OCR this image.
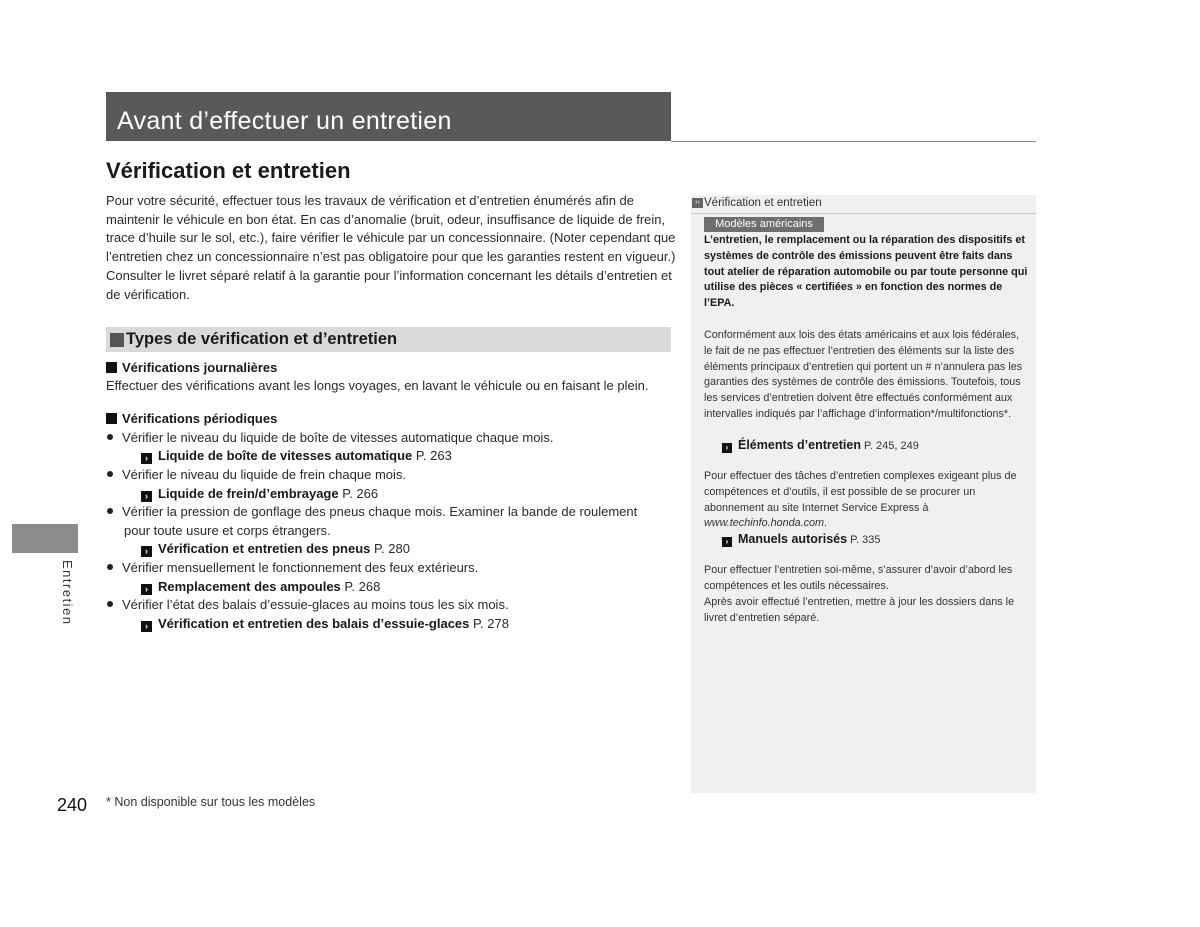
Avant d’effectuer un entretien
Vérification et entretien
Pour votre sécurité, effectuer tous les travaux de vérification et d’entretien énumérés afin de maintenir le véhicule en bon état. En cas d’anomalie (bruit, odeur, insuffisance de liquide de frein, trace d’huile sur le sol, etc.), faire vérifier le véhicule par un concessionnaire. (Noter cependant que l’entretien chez un concessionnaire n’est pas obligatoire pour que les garanties restent en vigueur.) Consulter le livret séparé relatif à la garantie pour l’information concernant les détails d’entretien et de vérification.
Types de vérification et d’entretien
Vérifications journalières
Effectuer des vérifications avant les longs voyages, en lavant le véhicule ou en faisant le plein.
Vérifications périodiques
Vérifier le niveau du liquide de boîte de vitesses automatique chaque mois.
› Liquide de boîte de vitesses automatique P. 263
Vérifier le niveau du liquide de frein chaque mois.
› Liquide de frein/d’embrayage P. 266
Vérifier la pression de gonflage des pneus chaque mois. Examiner la bande de roulement
pour toute usure et corps étrangers.
› Vérification et entretien des pneus P. 280
Vérifier mensuellement le fonctionnement des feux extérieurs.
› Remplacement des ampoules P. 268
Vérifier l’état des balais d’essuie-glaces au moins tous les six mois.
› Vérification et entretien des balais d’essuie-glaces P. 278
Entretien
240 * Non disponible sur tous les modèles
›› Vérification et entretien
Modèles américains
L’entretien, le remplacement ou la réparation des dispositifs et systèmes de contrôle des émissions peuvent être faits dans tout atelier de réparation automobile ou par toute personne qui utilise des pièces « certifiées » en fonction des normes de l’EPA.
Conformément aux lois des états américains et aux lois fédérales, le fait de ne pas effectuer l’entretien des éléments sur la liste des éléments principaux d’entretien qui portent un # n’annulera pas les garanties des systèmes de contrôle des émissions. Toutefois, tous les services d’entretien doivent être effectués conformément aux intervalles indiqués par l’affichage d’information*/multifonctions*.
› Éléments d’entretien P. 245, 249
Pour effectuer des tâches d’entretien complexes exigeant plus de compétences et d’outils, il est possible de se procurer un abonnement au site Internet Service Express à www.techinfo.honda.com.
› Manuels autorisés P. 335
Pour effectuer l’entretien soi-même, s’assurer d’avoir d’abord les compétences et les outils nécessaires.
Après avoir effectué l’entretien, mettre à jour les dossiers dans le livret d’entretien séparé.
